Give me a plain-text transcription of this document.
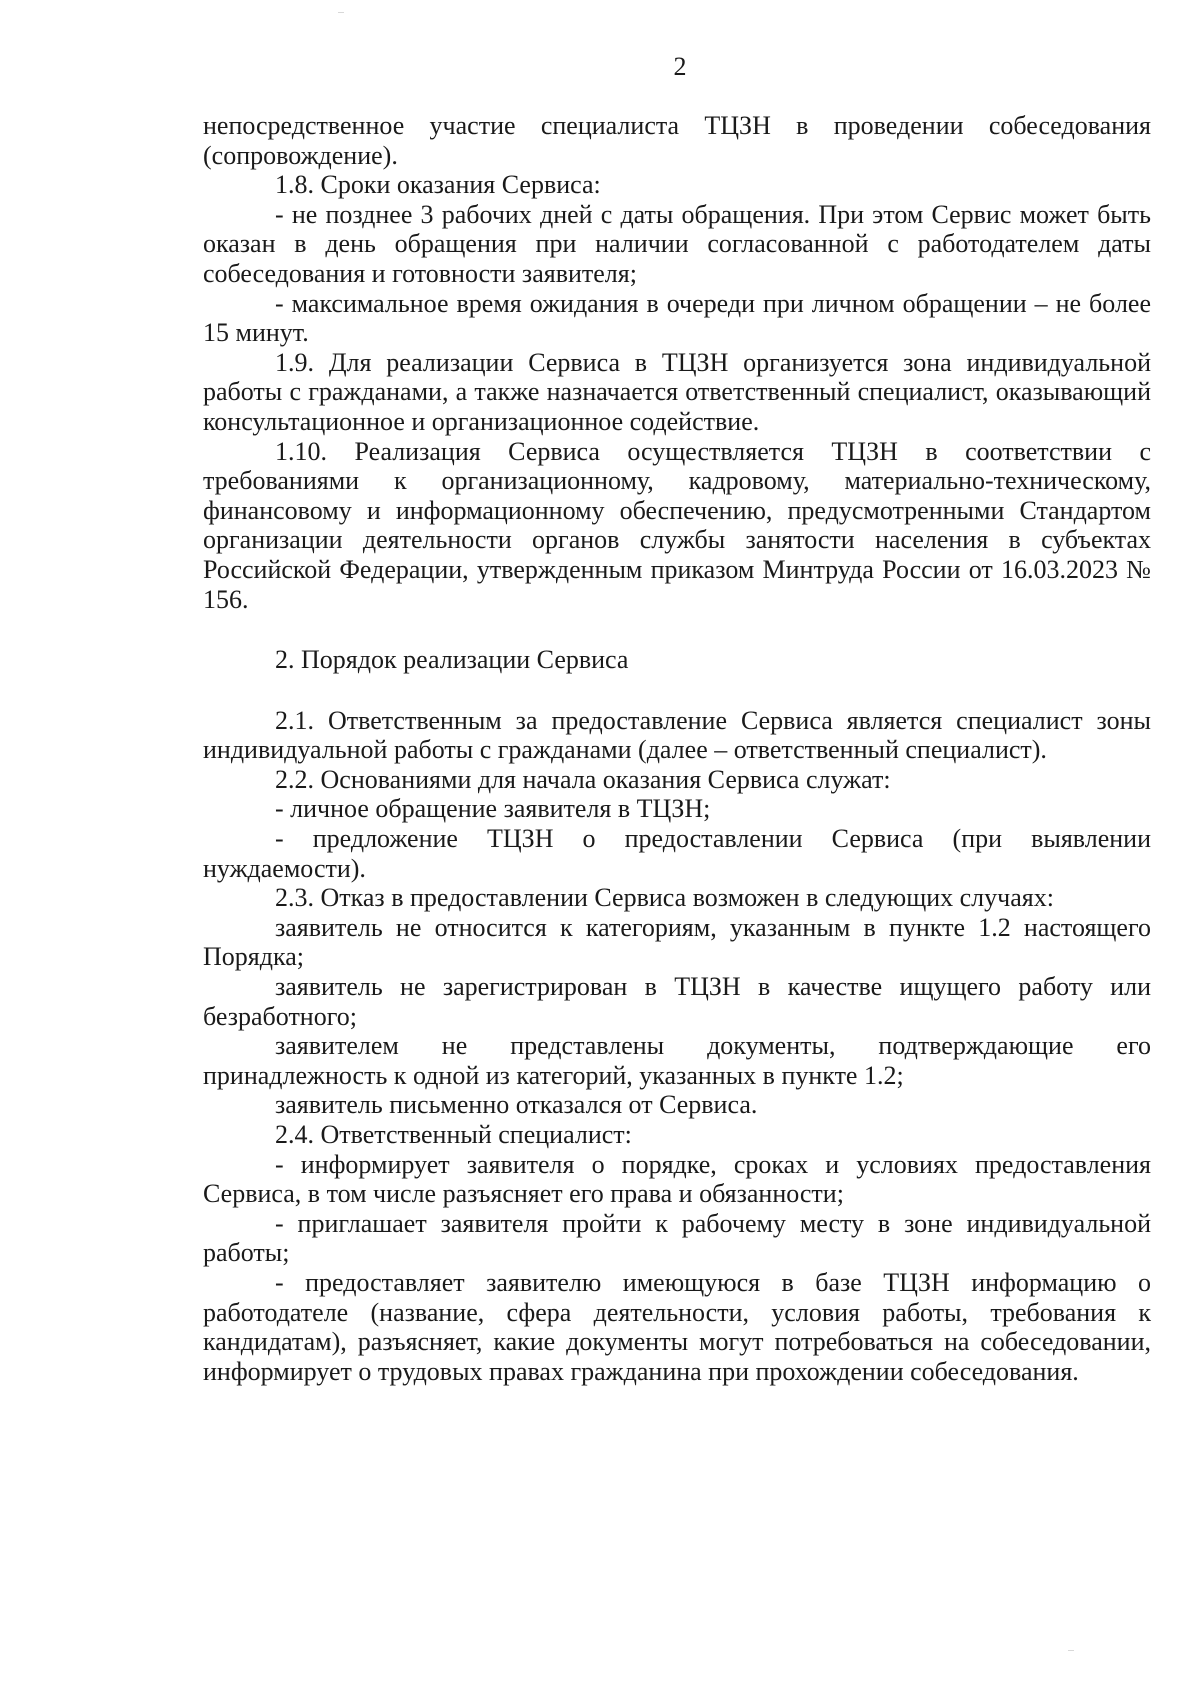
2

непосредственное участие специалиста ТЦЗН в проведении собеседования (сопровождение).

1.8. Сроки оказания Сервиса:

- не позднее 3 рабочих дней с даты обращения. При этом Сервис может быть оказан в день обращения при наличии согласованной с работодателем даты собеседования и готовности заявителя;

- максимальное время ожидания в очереди при личном обращении – не более 15 минут.

1.9. Для реализации Сервиса в ТЦЗН организуется зона индивидуальной работы с гражданами, а также назначается ответственный специалист, оказывающий консультационное и организационное содействие.

1.10. Реализация Сервиса осуществляется ТЦЗН в соответствии с требованиями к организационному, кадровому, материально-техническому, финансовому и информационному обеспечению, предусмотренными Стандартом организации деятельности органов службы занятости населения в субъектах Российской Федерации, утвержденным приказом Минтруда России от 16.03.2023 № 156.

2. Порядок реализации Сервиса

2.1. Ответственным за предоставление Сервиса является специалист зоны индивидуальной работы с гражданами (далее – ответственный специалист).

2.2. Основаниями для начала оказания Сервиса служат:

- личное обращение заявителя в ТЦЗН;

- предложение ТЦЗН о предоставлении Сервиса (при выявлении нуждаемости).

2.3. Отказ в предоставлении Сервиса возможен в следующих случаях:

заявитель не относится к категориям, указанным в пункте 1.2 настоящего Порядка;

заявитель не зарегистрирован в ТЦЗН в качестве ищущего работу или безработного;

заявителем не представлены документы, подтверждающие его принадлежность к одной из категорий, указанных в пункте 1.2;

заявитель письменно отказался от Сервиса.

2.4. Ответственный специалист:

- информирует заявителя о порядке, сроках и условиях предоставления Сервиса, в том числе разъясняет его права и обязанности;

- приглашает заявителя пройти к рабочему месту в зоне индивидуальной работы;

- предоставляет заявителю имеющуюся в базе ТЦЗН информацию о работодателе (название, сфера деятельности, условия работы, требования к кандидатам), разъясняет, какие документы могут потребоваться на собеседовании, информирует о трудовых правах гражданина при прохождении собеседования.
